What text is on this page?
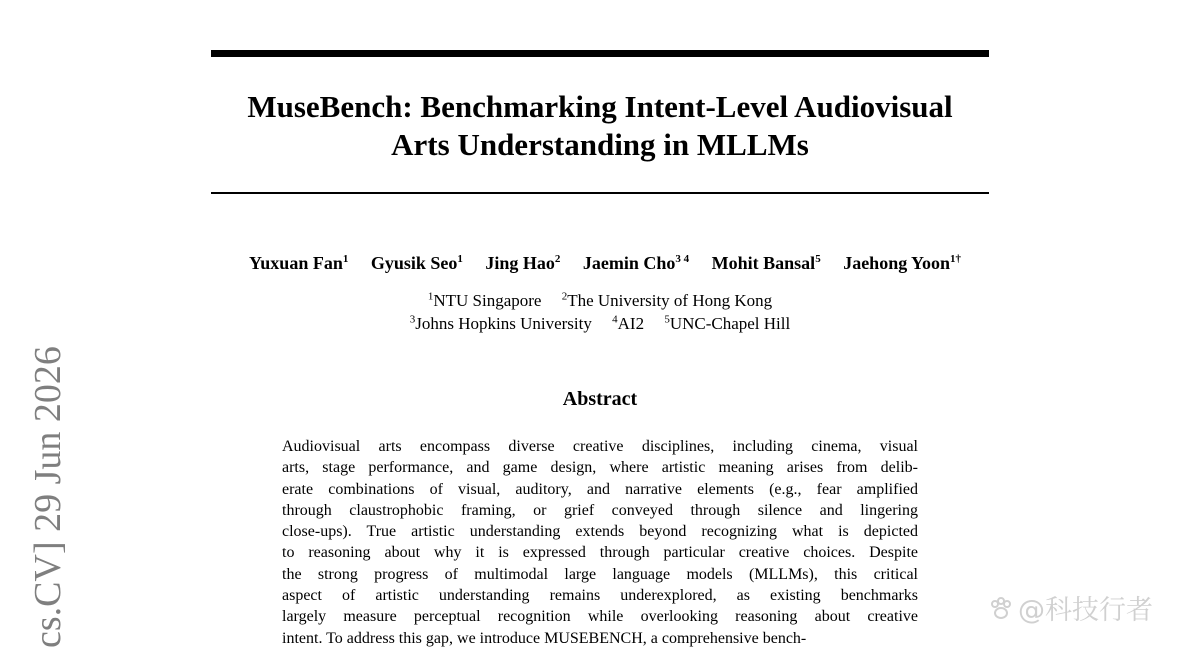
MuseBench: Benchmarking Intent-Level Audiovisual
Arts Understanding in MLLMs
Yuxuan Fan$^1$ Gyusik Seo$^1$ Jing Hao$^2$ Jaemin Cho$^{3 4}$ Mohit Bansal$^5$ Jaehong Yoon$^{1\dagger}$
$^1$NTU Singapore $^2$The University of Hong Kong
$^3$Johns Hopkins University $^4$AI2 $^5$UNC-Chapel Hill
Abstract
Audiovisual arts encompass diverse creative disciplines, including cinema, visual
arts, stage performance, and game design, where artistic meaning arises from delib-
erate combinations of visual, auditory, and narrative elements (e.g., fear amplified
through claustrophobic framing, or grief conveyed through silence and lingering
close-ups). True artistic understanding extends beyond recognizing what is depicted
to reasoning about why it is expressed through particular creative choices. Despite
the strong progress of multimodal large language models (MLLMs), this critical
aspect of artistic understanding remains underexplored, as existing benchmarks
largely measure perceptual recognition while overlooking reasoning about creative
intent. To address this gap, we introduce MUSEBENCH, a comprehensive bench-
cs.CV] 29 Jun 2026	@科技行者
